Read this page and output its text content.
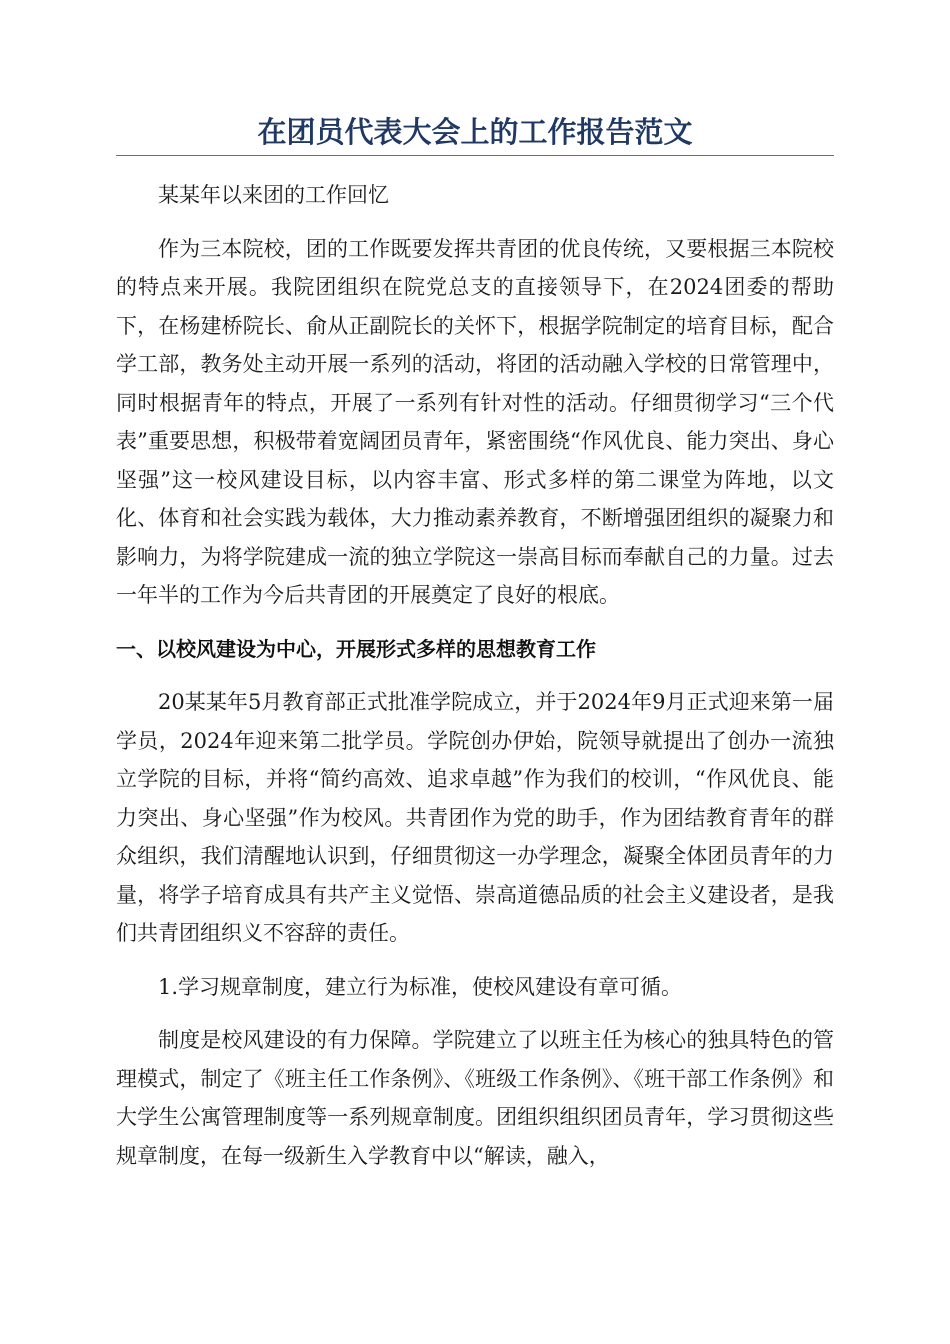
在团员代表大会上的工作报告范文

某某年以来团的工作回忆

作为三本院校，团的工作既要发挥共青团的优良传统，又要根据三本院校的特点来开展。我院团组织在院党总支的直接领导下，在2024团委的帮助下，在杨建桥院长、俞从正副院长的关怀下，根据学院制定的培育目标，配合学工部，教务处主动开展一系列的活动，将团的活动融入学校的日常管理中，同时根据青年的特点，开展了一系列有针对性的活动。仔细贯彻学习“三个代表”重要思想，积极带着宽阔团员青年，紧密围绕“作风优良、能力突出、身心坚强”这一校风建设目标，以内容丰富、形式多样的第二课堂为阵地，以文化、体育和社会实践为载体，大力推动素养教育，不断增强团组织的凝聚力和影响力，为将学院建成一流的独立学院这一崇高目标而奉献自己的力量。过去一年半的工作为今后共青团的开展奠定了良好的根底。

一、以校风建设为中心，开展形式多样的思想教育工作

20某某年5月教育部正式批准学院成立，并于2024年9月正式迎来第一届学员，2024年迎来第二批学员。学院创办伊始，院领导就提出了创办一流独立学院的目标，并将“简约高效、追求卓越”作为我们的校训，“作风优良、能力突出、身心坚强”作为校风。共青团作为党的助手，作为团结教育青年的群众组织，我们清醒地认识到，仔细贯彻这一办学理念，凝聚全体团员青年的力量，将学子培育成具有共产主义觉悟、崇高道德品质的社会主义建设者，是我们共青团组织义不容辞的责任。

1.学习规章制度，建立行为标准，使校风建设有章可循。

制度是校风建设的有力保障。学院建立了以班主任为核心的独具特色的管理模式，制定了《班主任工作条例》、《班级工作条例》、《班干部工作条例》和大学生公寓管理制度等一系列规章制度。团组织组织团员青年，学习贯彻这些规章制度，在每一级新生入学教育中以“解读，融入，
